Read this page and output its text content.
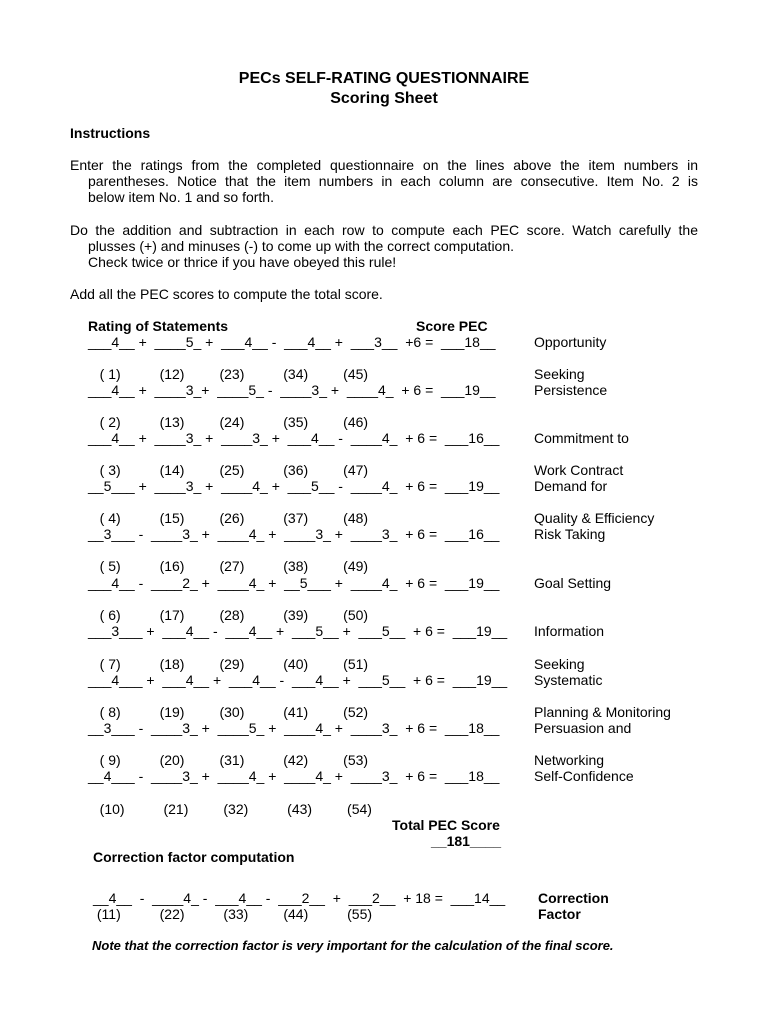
PECs SELF-RATING QUESTIONNAIRE
Scoring Sheet
Instructions
Enter the ratings from the completed questionnaire on the lines above the item numbers in
parentheses. Notice that the item numbers in each column are consecutive. Item No. 2 is
below item No. 1 and so forth.
Do the addition and subtraction in each row to compute each PEC score. Watch carefully the
plusses (+) and minuses (-) to come up with the correct computation.
Check twice or thrice if you have obeyed this rule!
Add all the PEC scores to compute the total score.
Rating of Statements	Score PEC
___4__ +  ____5_ +  ___4__ -  ___4__ +  ___3__  +6 =  ___18__	Opportunity
( 1)          (12)         (23)          (34)         (45)	Seeking
___4__ +  ____3_+  ____5_ -  ____3_ +  ____4_  + 6 =  ___19__	Persistence
( 2)          (13)         (24)          (35)         (46)
___4__ +  ____3_ +  ____3_ +  ___4__ -  ____4_  + 6 =  ___16__ Commitment to
( 3)          (14)         (25)          (36)         (47)	Work Contract
__5___ +  ____3_ +  ____4_ +  ___5__ -  ____4_  + 6 =  ___19__ Demand for
( 4)          (15)         (26)          (37)         (48)	Quality & Efficiency
__3___ -  ____3_ +  ____4_ +  ____3_ +  ____3_  + 6 =  ___16__ Risk Taking
( 5)          (16)         (27)          (38)         (49)
___4__ -  ____2_ +  ____4_ +  __5___ +  ____4_  + 6 =  ___19__ Goal Setting
( 6)          (17)         (28)          (39)         (50)
___3___ +  ___4__ -  ___4__ +  ___5__ +  ___5__  + 6 =  ___19__ Information
( 7)          (18)         (29)          (40)         (51)	Seeking
___4___ +  ___4__ +  ___4__ -  ___4__ +  ___5__  + 6 =  ___19__ Systematic
( 8)          (19)         (30)          (41)         (52)	Planning & Monitoring
__3___ -  ____3_ +  ____5_ +  ____4_ +  ____3_  + 6 =  ___18__ Persuasion and
( 9)          (20)         (31)          (42)         (53)	Networking
__4___ -  ____3_ +  ____4_ +  ____4_ +  ____3_  + 6 =  ___18__ Self-Confidence
(10)          (21)         (32)          (43)         (54)
Total PEC Score
__181____
Correction factor computation
__4__  -  ____4_ -  ___4__ -  ___2__  +  ___2__  + 18 =  ___14__ Correction
(11)          (22)          (33)         (44)          (55)	Factor
Note that the correction factor is very important for the calculation of the final score.
